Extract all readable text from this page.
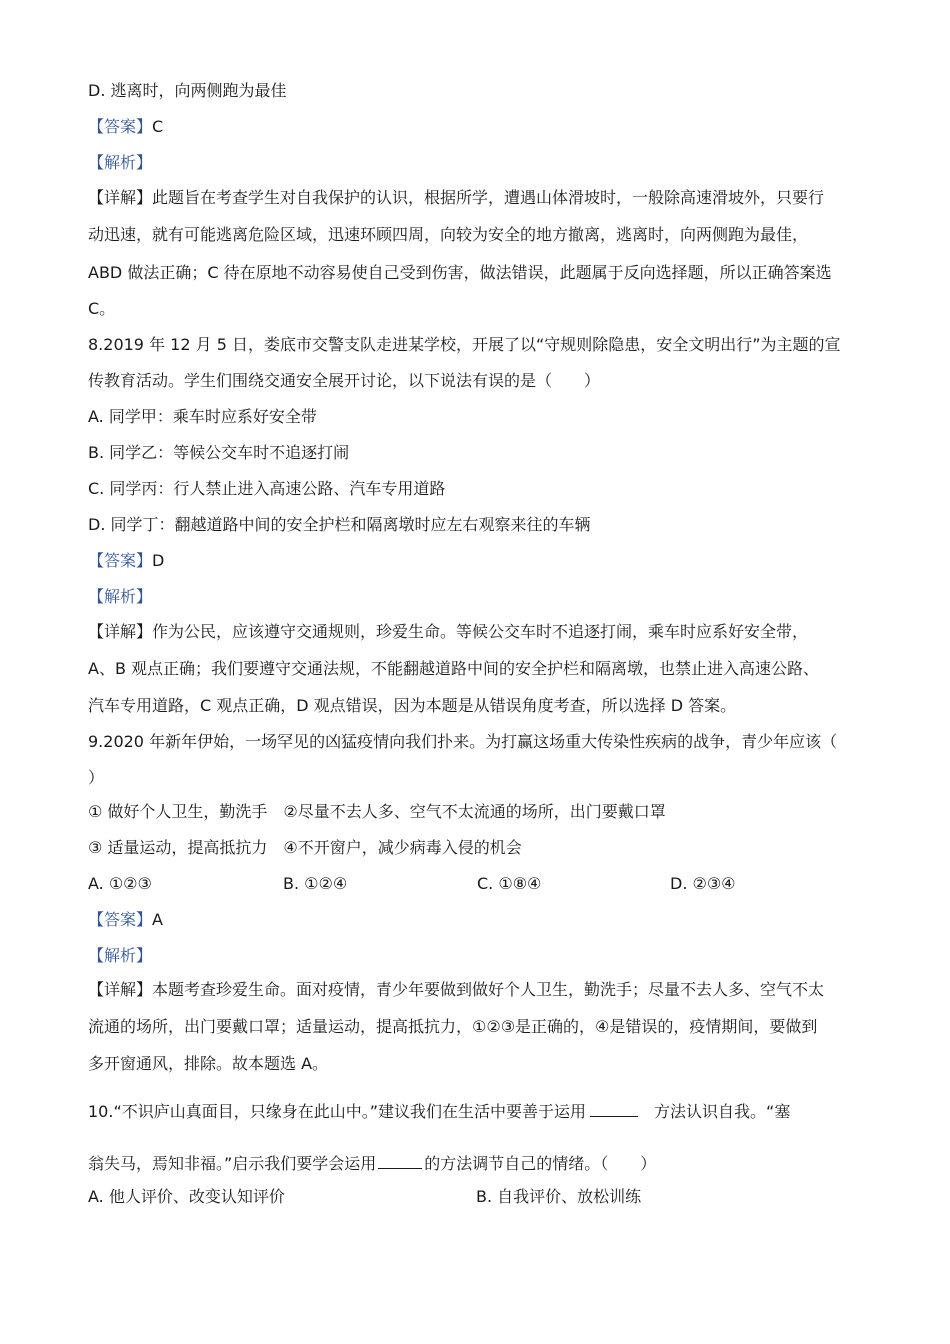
D. 逃离时，向两侧跑为最佳
【答案】C
【解析】
【详解】此题旨在考查学生对自我保护的认识，根据所学，遭遇山体滑坡时，一般除高速滑坡外，只要行
动迅速，就有可能逃离危险区域，迅速环顾四周，向较为安全的地方撤离，逃离时，向两侧跑为最佳，
ABD 做法正确；C 待在原地不动容易使自己受到伤害，做法错误，此题属于反向选择题，所以正确答案选
C。
8.2019 年 12 月 5 日，娄底市交警支队走进某学校，开展了以“守规则除隐患，安全文明出行”为主题的宣
传教育活动。学生们围绕交通安全展开讨论，以下说法有误的是（　　）
A. 同学甲：乘车时应系好安全带
B. 同学乙：等候公交车时不追逐打闹
C. 同学丙：行人禁止进入高速公路、汽车专用道路
D. 同学丁：翻越道路中间的安全护栏和隔离墩时应左右观察来往的车辆
【答案】D
【解析】
【详解】作为公民，应该遵守交通规则，珍爱生命。等候公交车时不追逐打闹，乘车时应系好安全带，
A、B 观点正确；我们要遵守交通法规，不能翻越道路中间的安全护栏和隔离墩，也禁止进入高速公路、
汽车专用道路，C 观点正确，D 观点错误，因为本题是从错误角度考查，所以选择 D 答案。
9.2020 年新年伊始，一场罕见的凶猛疫情向我们扑来。为打赢这场重大传染性疾病的战争，青少年应该（
）
① 做好个人卫生，勤洗手　②尽量不去人多、空气不太流通的场所，出门要戴口罩
③ 适量运动，提高抵抗力　④不开窗户，减少病毒入侵的机会
A. ①②③	B. ①②④	C. ①⑧④	D. ②③④
【答案】A
【解析】
【详解】本题考查珍爱生命。面对疫情，青少年要做到做好个人卫生，勤洗手；尽量不去人多、空气不太
流通的场所，出门要戴口罩；适量运动，提高抵抗力，①②③是正确的，④是错误的，疫情期间，要做到
多开窗通风，排除。故本题选 A。
10.“不识庐山真面目，只缘身在此山中。”建议我们在生活中要善于运用	方法认识自我。“塞
翁失马，焉知非福。”启示我们要学会运用	的方法调节自己的情绪。（　　）
A. 他人评价、改变认知评价	B. 自我评价、放松训练
